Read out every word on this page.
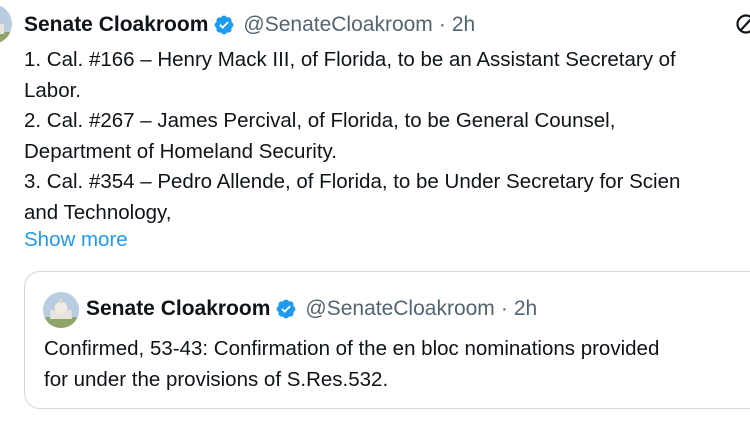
Senate Cloakroom @SenateCloakroom · 2h
1. Cal. #166 – Henry Mack III, of Florida, to be an Assistant Secretary of
Labor.
2. Cal. #267 – James Percival, of Florida, to be General Counsel,
Department of Homeland Security.
3. Cal. #354 – Pedro Allende, of Florida, to be Under Secretary for Scien
and Technology,
Show more
Senate Cloakroom @SenateCloakroom · 2h
Confirmed, 53-43: Confirmation of the en bloc nominations provided
for under the provisions of S.Res.532.
